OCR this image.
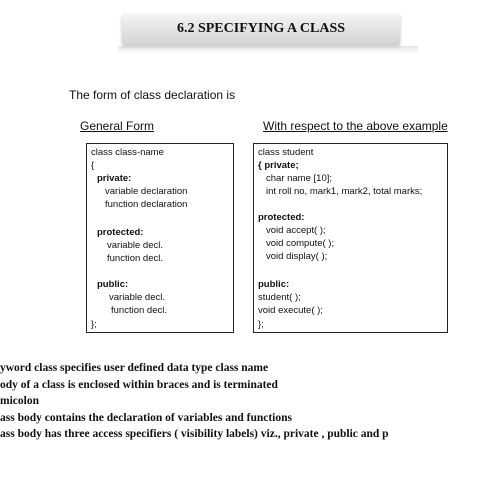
6.2 SPECIFYING A CLASS
The form of class declaration is
General Form	With respect to the above example
class class-name
{
private:
variable declaration
function declaration
protected:
variable decl.
function decl.
public:
variable decl.
function decl.
};
class student
{ private;
char name [10];
int roll no, mark1, mark2, total marks;
protected:
void accept( );
void compute( );
void display( );
public:
student( );
void execute( );
};
yword class specifies user defined data type class name
ody of a class is enclosed within braces and is terminated
micolon
ass body contains the declaration of variables and functions
ass body has three access specifiers ( visibility labels) viz., private , public and p
